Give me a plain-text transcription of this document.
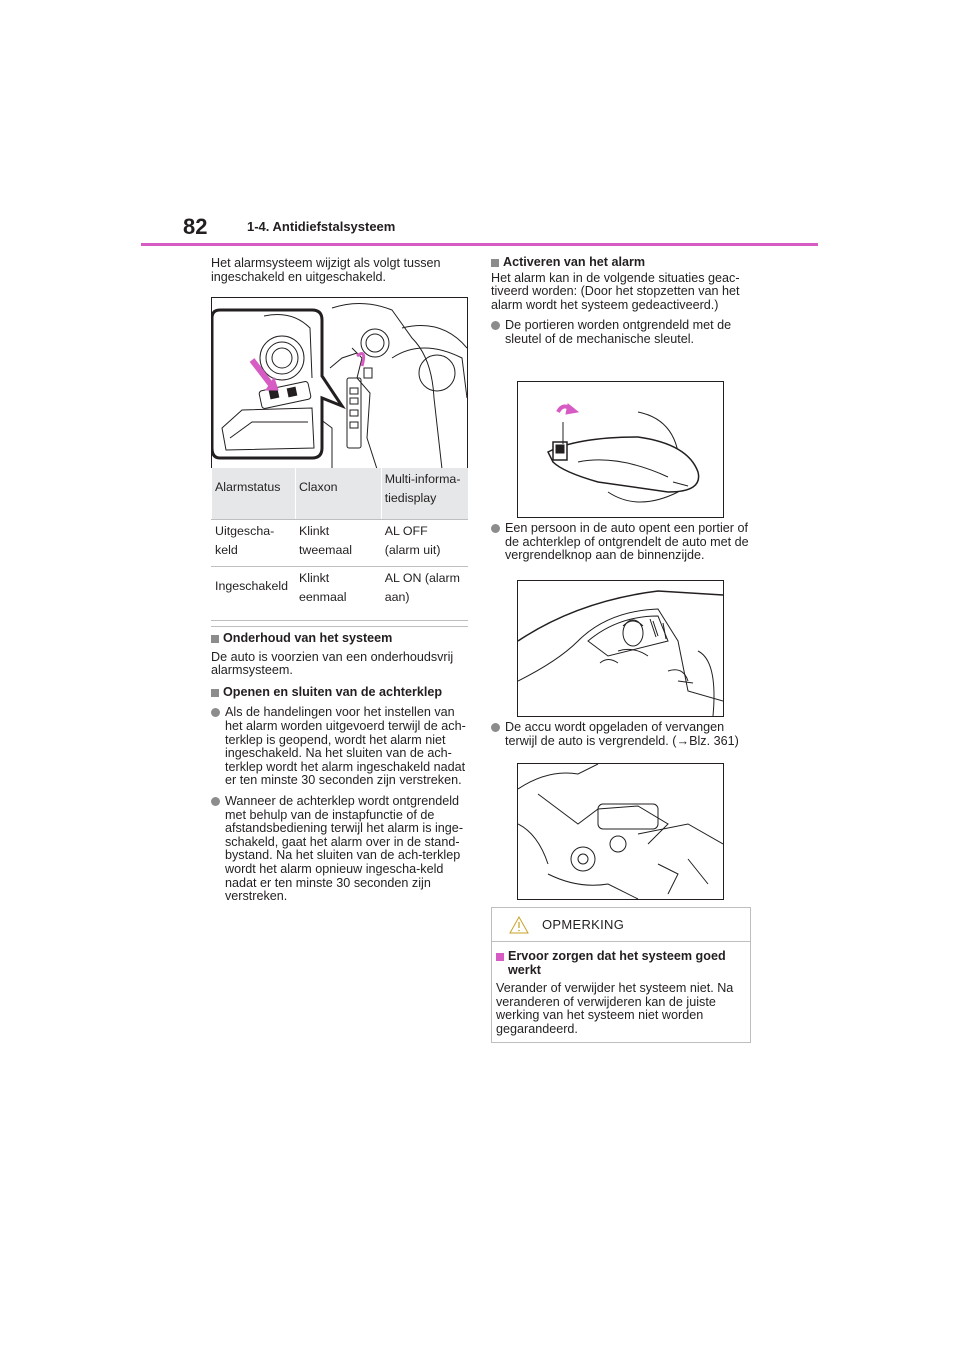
82	1-4. Antidiefstalsysteem

Het alarmsysteem wijzigt als volgt tussen ingeschakeld en uitgeschakeld.

Alarmstatus	Claxon	Multi-informa-tiedisplay
Uitgescha-keld	Klinkt tweemaal	AL OFF (alarm uit)
Ingeschakeld	Klinkt eenmaal	AL ON (alarm aan)
Onderhoud van het systeem

De auto is voorzien van een onderhoudsvrij alarmsysteem.

Openen en sluiten van de achterklep
Als de handelingen voor het instellen van het alarm worden uitgevoerd terwijl de ach-terklep is geopend, wordt het alarm niet ingeschakeld. Na het sluiten van de ach-terklep wordt het alarm ingeschakeld nadat er ten minste 30 seconden zijn verstreken.
Wanneer de achterklep wordt ontgrendeld met behulp van de instapfunctie of de afstandsbediening terwijl het alarm is inge-schakeld, gaat het alarm over in de stand-bystand. Na het sluiten van de ach-terklep wordt het alarm opnieuw ingescha-keld nadat er ten minste 30 seconden zijn verstreken.
Activeren van het alarm

Het alarm kan in de volgende situaties geac-tiveerd worden: (Door het stopzetten van het alarm wordt het systeem gedeactiveerd.)

De portieren worden ontgrendeld met de sleutel of de mechanische sleutel.
Een persoon in de auto opent een portier of de achterklep of ontgrendelt de auto met de vergrendelknop aan de binnenzijde.
De accu wordt opgeladen of vervangen terwijl de auto is vergrendeld. (→Blz. 361)
OPMERKING
Ervoor zorgen dat het systeem goed werkt

Verander of verwijder het systeem niet. Na veranderen of verwijderen kan de juiste werking van het systeem niet worden gegarandeerd.
